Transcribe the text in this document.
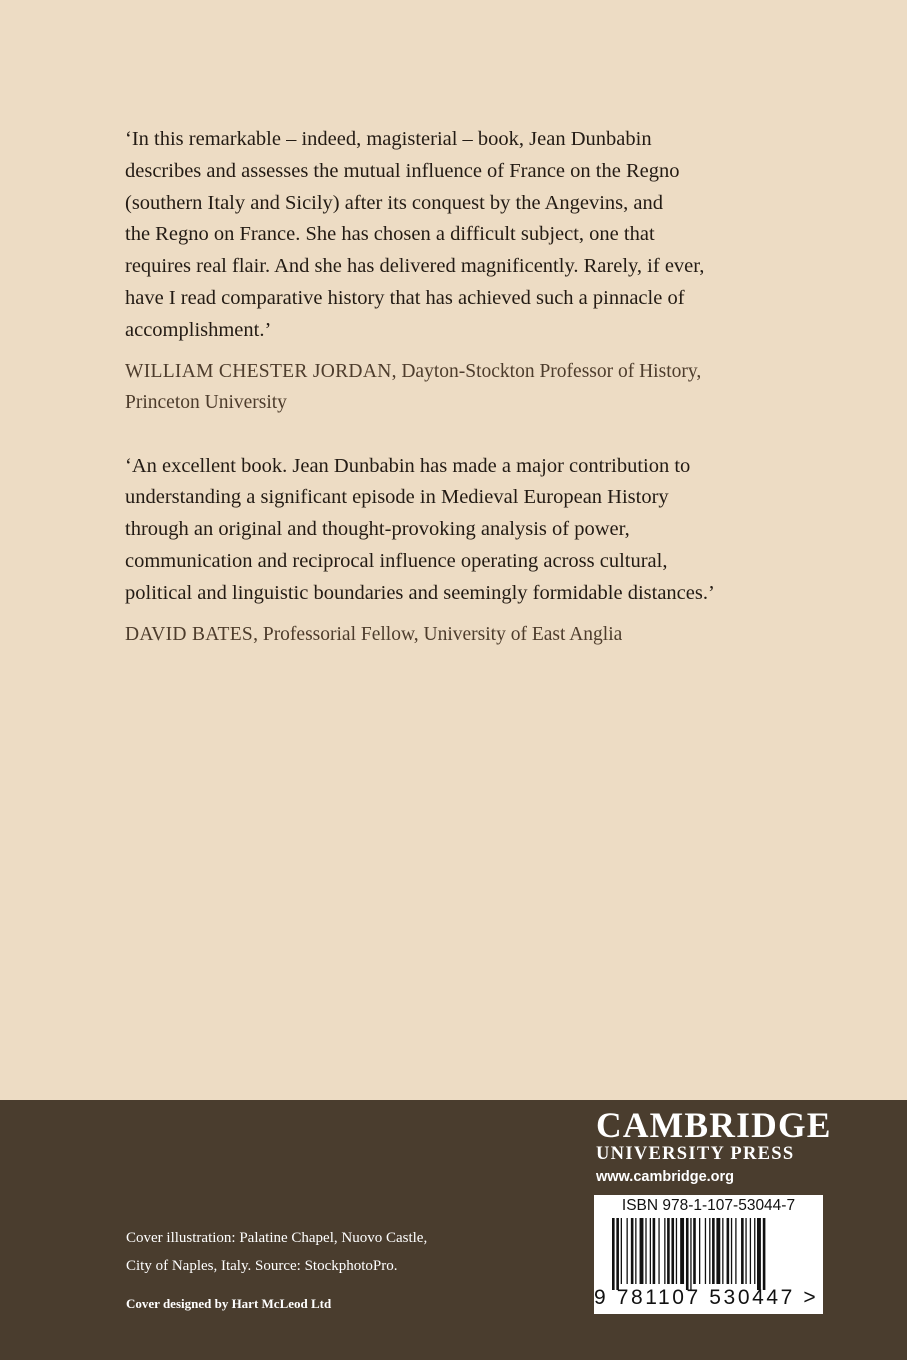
‘In this remarkable – indeed, magisterial – book, Jean Dunbabin
describes and assesses the mutual influence of France on the Regno
(southern Italy and Sicily) after its conquest by the Angevins, and
the Regno on France. She has chosen a difficult subject, one that
requires real flair. And she has delivered magnificently. Rarely, if ever,
have I read comparative history that has achieved such a pinnacle of
accomplishment.’

WILLIAM CHESTER JORDAN, Dayton-Stockton Professor of History,
Princeton University

‘An excellent book. Jean Dunbabin has made a major contribution to
understanding a significant episode in Medieval European History
through an original and thought-provoking analysis of power,
communication and reciprocal influence operating across cultural,
political and linguistic boundaries and seemingly formidable distances.’

DAVID BATES, Professorial Fellow, University of East Anglia

Cover illustration: Palatine Chapel, Nuovo Castle,
City of Naples, Italy. Source: StockphotoPro.

Cover designed by Hart McLeod Ltd

CAMBRIDGE

UNIVERSITY PRESS

www.cambridge.org

ISBN 978-1-107-53044-7
9 781107 530447 >
